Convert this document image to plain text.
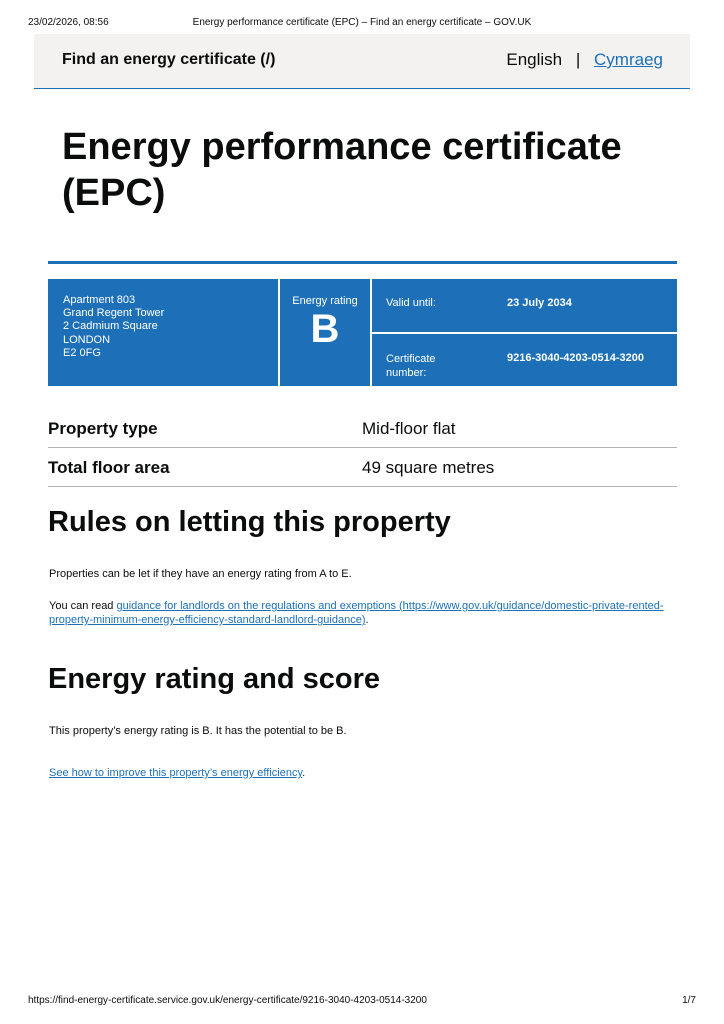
23/02/2026, 08:56	Energy performance certificate (EPC) – Find an energy certificate – GOV.UK
Find an energy certificate (/)	English | Cymraeg
Energy performance certificate (EPC)
Apartment 803
Grand Regent Tower
2 Cadmium Square
LONDON
E2 0FG
Energy rating
B
Valid until:	23 July 2034
Certificate number:
9216-3040-4203-0514-3200
Property type	Mid-floor flat
Total floor area	49 square metres
Rules on letting this property

Properties can be let if they have an energy rating from A to E.

You can read guidance for landlords on the regulations and exemptions (https://www.gov.uk/guidance/domestic-private-rented-property-minimum-energy-efficiency-standard-landlord-guidance).

Energy rating and score

This property’s energy rating is B. It has the potential to be B.

See how to improve this property’s energy efficiency.

https://find-energy-certificate.service.gov.uk/energy-certificate/9216-3040-4203-0514-3200	1/7
